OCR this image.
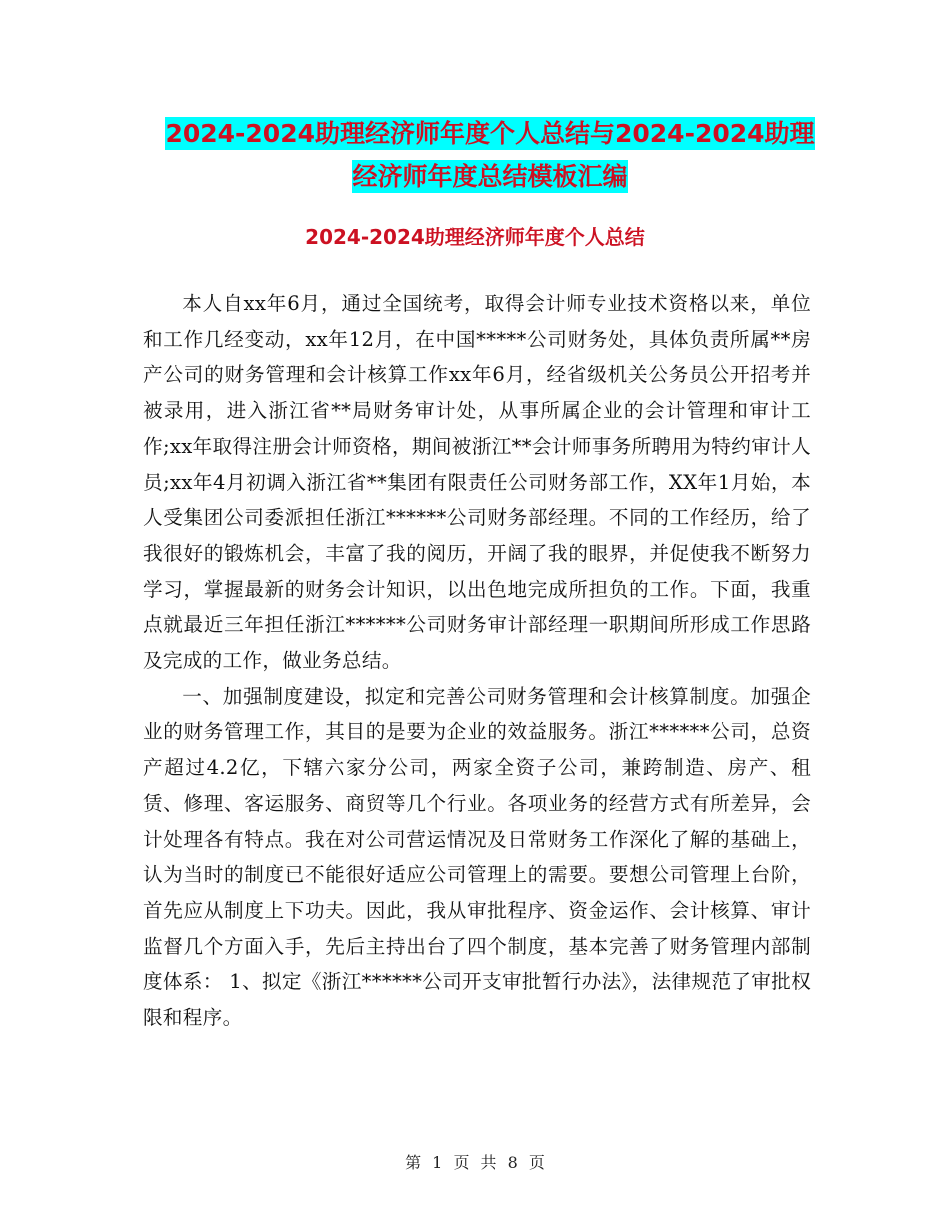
2024-2024助理经济师年度个人总结与2024-2024助理
经济师年度总结模板汇编
2024-2024助理经济师年度个人总结

本人自xx年6月，通过全国统考，取得会计师专业技术资格以来，单位和工作几经变动，xx年12月，在中国*****公司财务处，具体负责所属**房产公司的财务管理和会计核算工作xx年6月，经省级机关公务员公开招考并被录用，进入浙江省**局财务审计处，从事所属企业的会计管理和审计工作;xx年取得注册会计师资格，期间被浙江**会计师事务所聘用为特约审计人员;xx年4月初调入浙江省**集团有限责任公司财务部工作，XX年1月始，本人受集团公司委派担任浙江******公司财务部经理。不同的工作经历，给了我很好的锻炼机会，丰富了我的阅历，开阔了我的眼界，并促使我不断努力学习，掌握最新的财务会计知识，以出色地完成所担负的工作。下面，我重点就最近三年担任浙江******公司财务审计部经理一职期间所形成工作思路及完成的工作，做业务总结。

一、加强制度建设，拟定和完善公司财务管理和会计核算制度。加强企业的财务管理工作，其目的是要为企业的效益服务。浙江******公司，总资产超过4.2亿，下辖六家分公司，两家全资子公司，兼跨制造、房产、租赁、修理、客运服务、商贸等几个行业。各项业务的经营方式有所差异，会计处理各有特点。我在对公司营运情况及日常财务工作深化了解的基础上，认为当时的制度已不能很好适应公司管理上的需要。要想公司管理上台阶，首先应从制度上下功夫。因此，我从审批程序、资金运作、会计核算、审计监督几个方面入手，先后主持出台了四个制度，基本完善了财务管理内部制度体系： 1、拟定《浙江******公司开支审批暂行办法》，法律规范了审批权限和程序。

第 1 页 共 8 页
